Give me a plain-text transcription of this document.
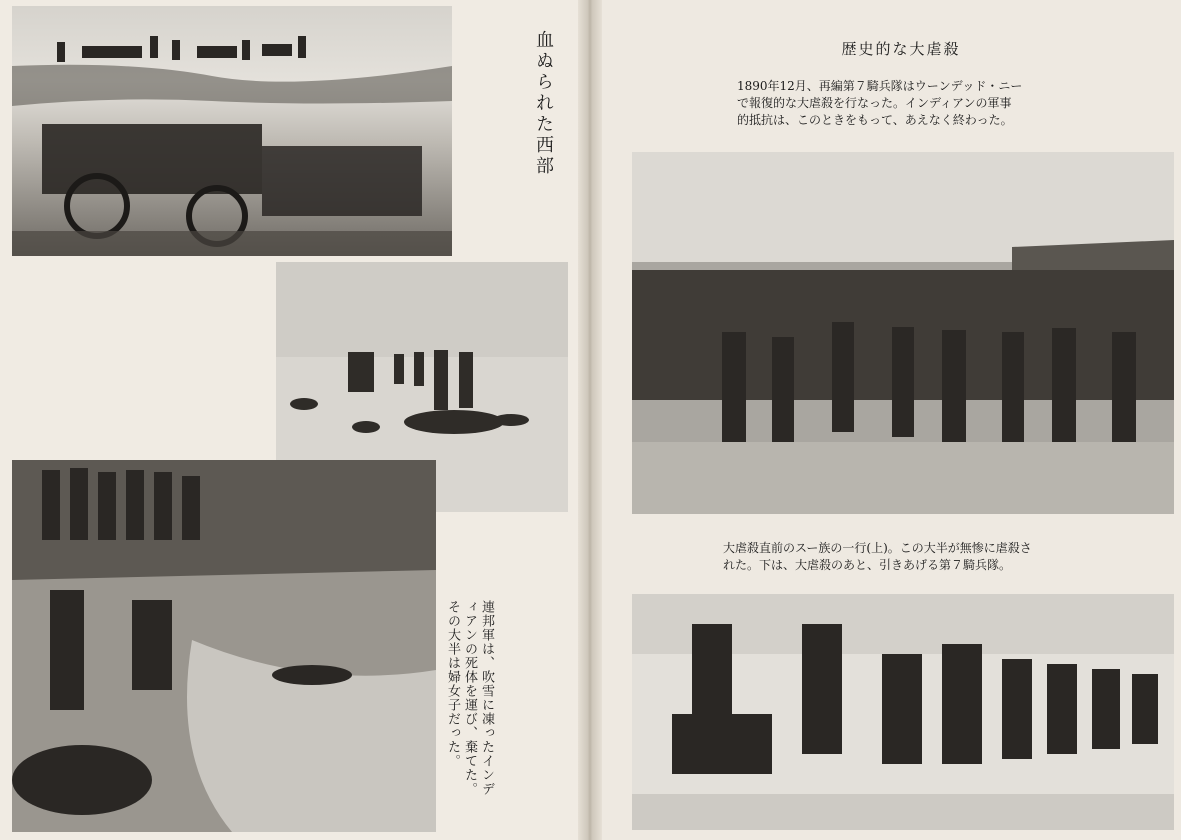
血ぬられた西部
連邦軍は、吹雪に凍ったインデ
ィアンの死体を運び、棄てた。
その大半は婦女子だった。
歴史的な大虐殺
1890年12月、再編第７騎兵隊はウーンデッド・ニー
で報復的な大虐殺を行なった。インディアンの軍事
的抵抗は、このときをもって、あえなく終わった。
大虐殺直前のスー族の一行(上)。この大半が無惨に虐殺さ
れた。下は、大虐殺のあと、引きあげる第７騎兵隊。
